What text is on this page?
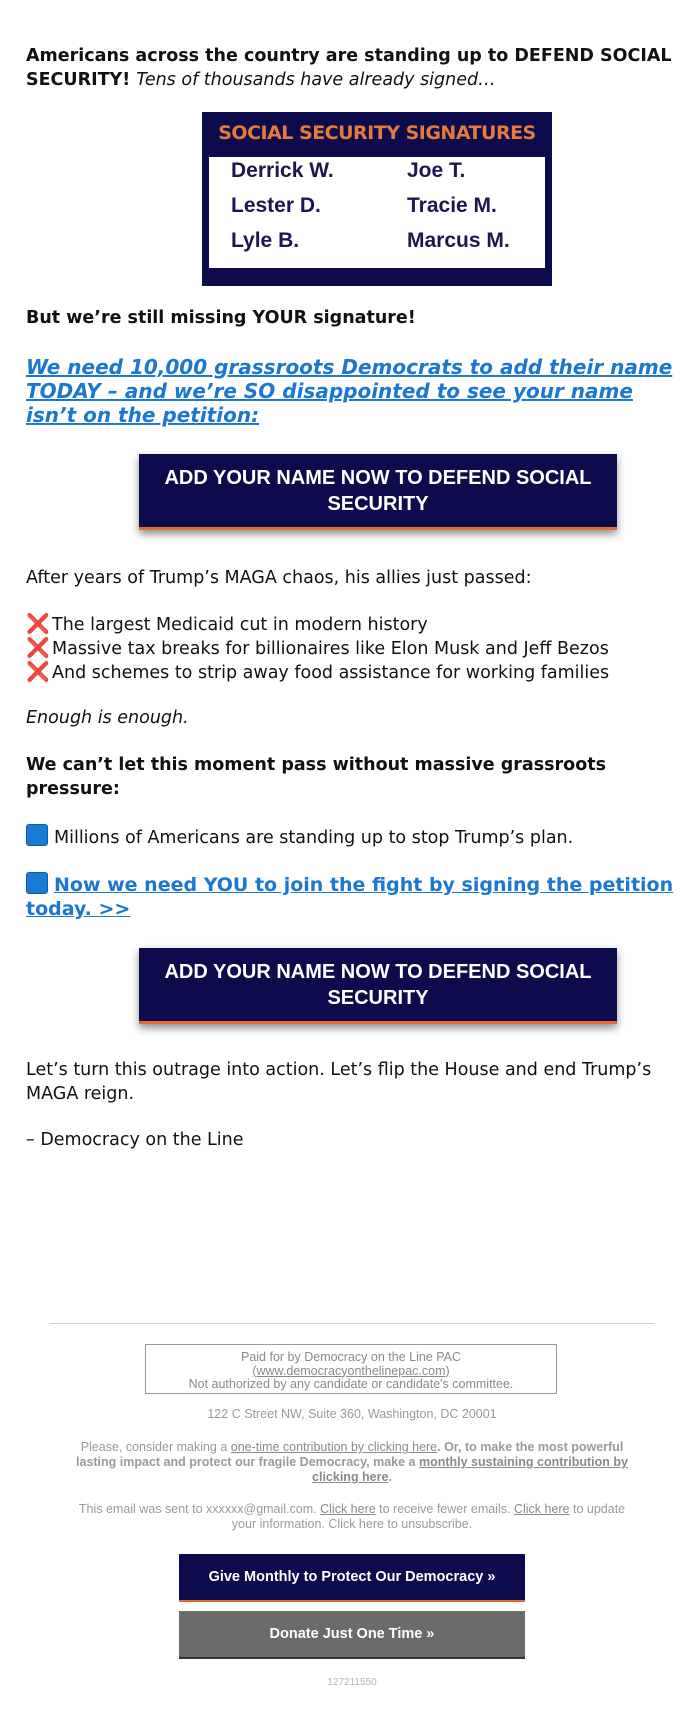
Americans across the country are standing up to DEFEND SOCIAL SECURITY! Tens of thousands have already signed…

SOCIAL SECURITY SIGNATURES
Derrick W.	Joe T.
Lester D.	Tracie M.
Lyle B.	Marcus M.

But we’re still missing YOUR signature!

We need 10,000 grassroots Democrats to add their name TODAY – and we’re SO disappointed to see your name isn’t on the petition:
ADD YOUR NAME NOW TO DEFEND SOCIAL SECURITY

After years of Trump’s MAGA chaos, his allies just passed:

❌ The largest Medicaid cut in modern history
❌ Massive tax breaks for billionaires like Elon Musk and Jeff Bezos
❌ And schemes to strip away food assistance for working families

Enough is enough.

We can’t let this moment pass without massive grassroots pressure:

Millions of Americans are standing up to stop Trump’s plan.

Now we need YOU to join the fight by signing the petition today. >>

ADD YOUR NAME NOW TO DEFEND SOCIAL SECURITY

Let’s turn this outrage into action. Let’s flip the House and end Trump’s MAGA reign.

– Democracy on the Line

Paid for by Democracy on the Line PAC
(www.democracyonthelinepac.com)
Not authorized by any candidate or candidate's committee.
122 C Street NW, Suite 360, Washington, DC 20001
Please, consider making a one-time contribution by clicking here. Or, to make the most powerful lasting impact and protect our fragile Democracy, make a monthly sustaining contribution by clicking here.
This email was sent to xxxxxx@gmail.com. Click here to receive fewer emails. Click here to update your information. Click here to unsubscribe.
Give Monthly to Protect Our Democracy »
Donate Just One Time »
127211550
